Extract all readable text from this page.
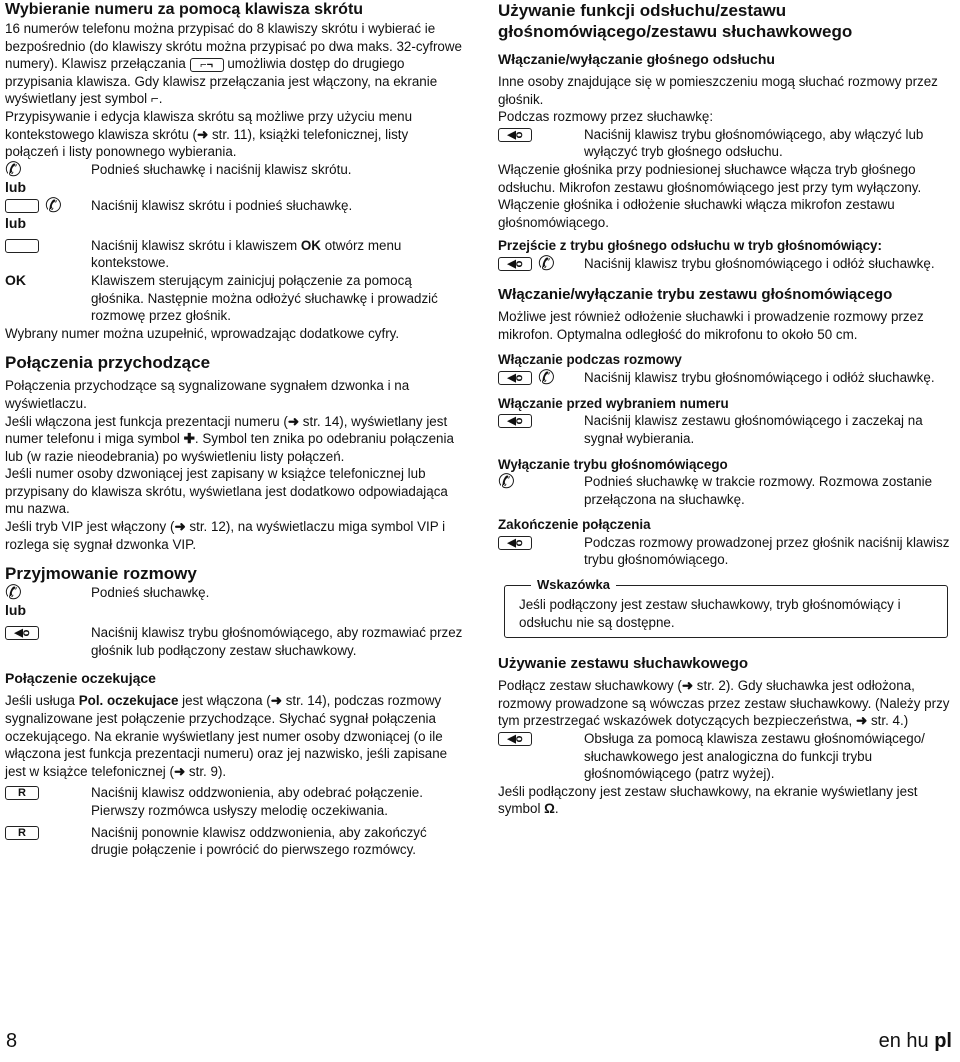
Wybieranie numeru za pomocą klawisza skrótu

16 numerów telefonu można przypisać do 8 klawiszy skrótu i wybierać ie bezpośrednio (do klawiszy skrótu można przypisać po dwa maks. 32-cyfrowe numery). Klawisz przełączania ⌐¬ umożliwia dostęp do drugiego przypisania klawisza. Gdy klawisz przełączania jest włączony, na ekranie wyświetlany jest symbol ⌐.

Przypisywanie i edycja klawisza skrótu są możliwe przy użyciu menu kontekstowego klawisza skrótu (➜ str. 11), książki telefonicznej, listy połączeń i listy ponownego wybierania.

✆	Podnieś słuchawkę i naciśnij klawisz skrótu.
lub
✆	Naciśnij klawisz skrótu i podnieś słuchawkę.
lub
Naciśnij klawisz skrótu i klawiszem OK otwórz menu kontekstowe.
OK	Klawiszem sterującym zainicjuj połączenie za pomocą głośnika. Następnie można odłożyć słuchawkę i prowadzić rozmowę przez głośnik.

Wybrany numer można uzupełnić, wprowadzając dodatkowe cyfry.

Połączenia przychodzące

Połączenia przychodzące są sygnalizowane sygnałem dzwonka i na wyświetlaczu.

Jeśli włączona jest funkcja prezentacji numeru (➜ str. 14), wyświetlany jest numer telefonu i miga symbol ✚. Symbol ten znika po odebraniu połączenia lub (w razie nieodebrania) po wyświetleniu listy połączeń.

Jeśli numer osoby dzwoniącej jest zapisany w książce telefonicznej lub przypisany do klawisza skrótu, wyświetlana jest dodatkowo odpowiadająca mu nazwa.

Jeśli tryb VIP jest włączony (➜ str. 12), na wyświetlaczu miga symbol VIP i rozlega się sygnał dzwonka VIP.

Przyjmowanie rozmowy

✆	Podnieś słuchawkę.
lub
◀ᴑ	Naciśnij klawisz trybu głośnomówiącego, aby rozmawiać przez głośnik lub podłączony zestaw słuchawkowy.

Połączenie oczekujące

Jeśli usługa Pol. oczekujace jest włączona (➜ str. 14), podczas rozmowy sygnalizowane jest połączenie przychodzące. Słychać sygnał połączenia oczekującego. Na ekranie wyświetlany jest numer osoby dzwoniącej (o ile włączona jest funkcja prezentacji numeru) oraz jej nazwisko, jeśli zapisane jest w książce telefonicznej (➜ str. 9).

R	Naciśnij klawisz oddzwonienia, aby odebrać połączenie. Pierwszy rozmówca usłyszy melodię oczekiwania.
R	Naciśnij ponownie klawisz oddzwonienia, aby zakończyć drugie połączenie i powrócić do pierwszego rozmówcy.

Używanie funkcji odsłuchu/zestawu głośnomówiącego/zestawu słuchawkowego

Włączanie/wyłączanie głośnego odsłuchu

Inne osoby znajdujące się w pomieszczeniu mogą słuchać rozmowy przez głośnik.

Podczas rozmowy przez słuchawkę:

◀ᴑ	Naciśnij klawisz trybu głośnomówiącego, aby włączyć lub wyłączyć tryb głośnego odsłuchu.

Włączenie głośnika przy podniesionej słuchawce włącza tryb głośnego odsłuchu. Mikrofon zestawu głośnomówiącego jest przy tym wyłączony. Włączenie głośnika i odłożenie słuchawki włącza mikrofon zestawu głośnomówiącego.

Przejście z trybu głośnego odsłuchu w tryb głośnomówiący:

◀ᴑ ✆	Naciśnij klawisz trybu głośnomówiącego i odłóż słuchawkę.

Włączanie/wyłączanie trybu zestawu głośnomówiącego

Możliwe jest również odłożenie słuchawki i prowadzenie rozmowy przez mikrofon. Optymalna odległość do mikrofonu to około 50 cm.

Włączanie podczas rozmowy

◀ᴑ ✆	Naciśnij klawisz trybu głośnomówiącego i odłóż słuchawkę.

Włączanie przed wybraniem numeru

◀ᴑ	Naciśnij klawisz zestawu głośnomówiącego i zaczekaj na sygnał wybierania.

Wyłączanie trybu głośnomówiącego

✆	Podnieś słuchawkę w trakcie rozmowy. Rozmowa zostanie przełączona na słuchawkę.

Zakończenie połączenia

◀ᴑ	Podczas rozmowy prowadzonej przez głośnik naciśnij klawisz trybu głośnomówiącego.
Wskazówka

Jeśli podłączony jest zestaw słuchawkowy, tryb głośnomówiący i odsłuchu nie są dostępne.

Używanie zestawu słuchawkowego

Podłącz zestaw słuchawkowy (➜ str. 2). Gdy słuchawka jest odłożona, rozmowy prowadzone są wówczas przez zestaw słuchawkowy. (Należy przy tym przestrzegać wskazówek dotyczących bezpieczeństwa, ➜ str. 4.)

◀ᴑ	Obsługa za pomocą klawisza zestawu głośnomówiącego/ słuchawkowego jest analogiczna do funkcji trybu głośnomówiącego (patrz wyżej).

Jeśli podłączony jest zestaw słuchawkowy, na ekranie wyświetlany jest symbol Ω.

8	en hu pl
